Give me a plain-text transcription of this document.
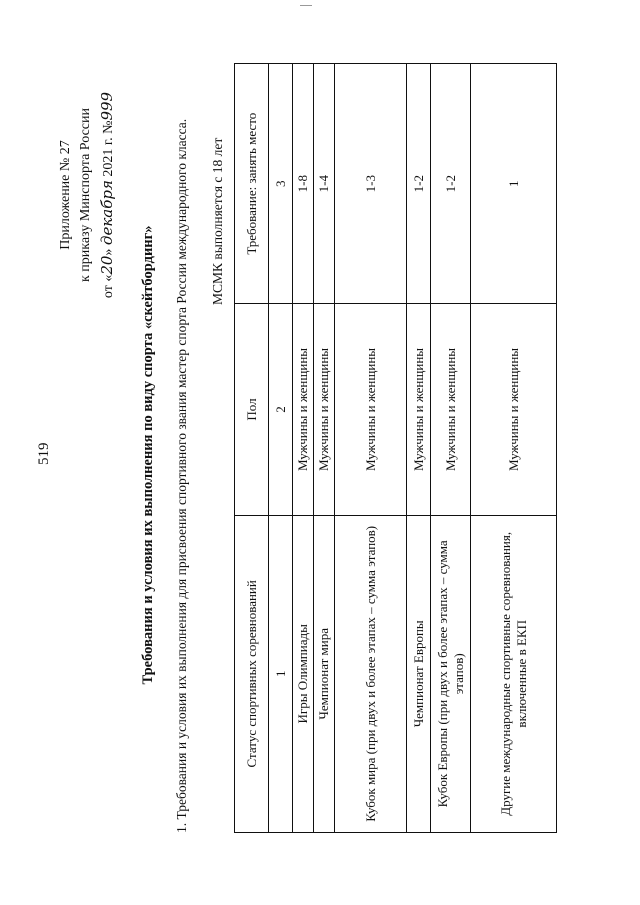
519
Приложение № 27 к приказу Минспорта России
от «20» декабря 2021 г. №999
Требования и условия их выполнения по виду спорта «скейтбординг» 1. Требования и условия их выполнения для присвоения спортивного звания мастер спорта России международного класса. МСМК выполняется с 18 лет
Статус спортивных соревнований	Пол	Требование: занять место
1	2	3
Игры Олимпиады	Мужчины и женщины	1-8
Чемпионат мира	Мужчины и женщины	1-4
Кубок мира (при двух и более этапах – сумма этапов)	Мужчины и женщины	1-3
Чемпионат Европы	Мужчины и женщины	1-2
Кубок Европы (при двух и более этапах – сумма этапов)	Мужчины и женщины	1-2
Другие международные спортивные соревнования, включенные в ЕКП	Мужчины и женщины	1
